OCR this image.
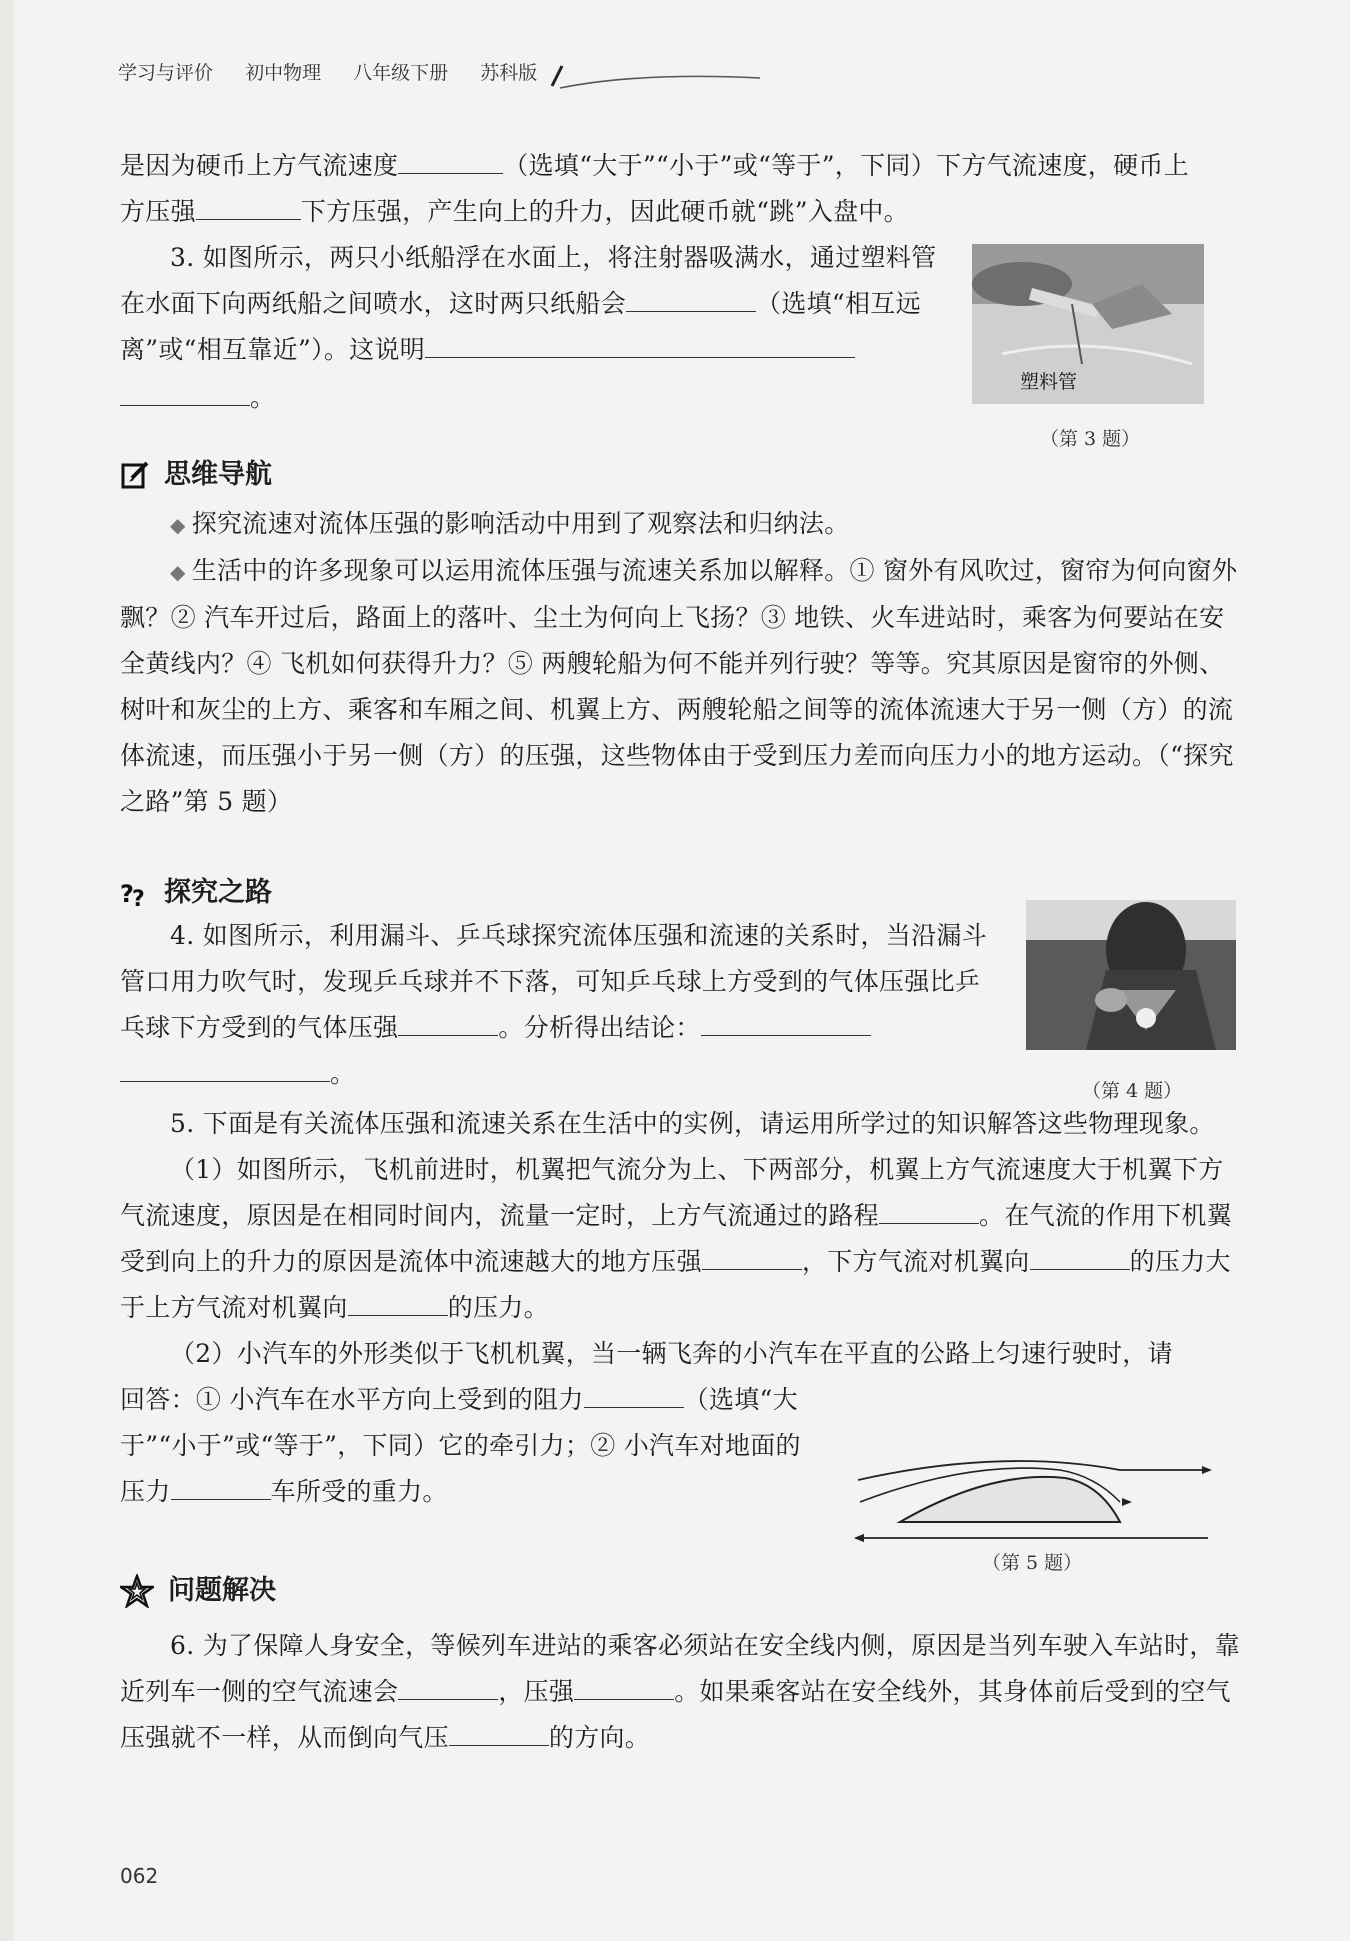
学习与评价 初中物理 八年级下册 苏科版

是因为硬币上方气流速度	（选填“大于”“小于”或“等于”，下同）下方气流速度，硬币上

方压强	下方压强，产生向上的升力，因此硬币就“跳”入盘中。

3. 如图所示，两只小纸船浮在水面上，将注射器吸满水，通过塑料管在水面下向两纸船之间喷水，这时两只纸船会	（选填“相互远离”或“相互靠近”）。这说明

。

思维导航

◆ 探究流速对流体压强的影响活动中用到了观察法和归纳法。

◆ 生活中的许多现象可以运用流体压强与流速关系加以解释。① 窗外有风吹过，窗帘为何向窗外飘？② 汽车开过后，路面上的落叶、尘土为何向上飞扬？③ 地铁、火车进站时，乘客为何要站在安全黄线内？④ 飞机如何获得升力？⑤ 两艘轮船为何不能并列行驶？等等。究其原因是窗帘的外侧、树叶和灰尘的上方、乘客和车厢之间、机翼上方、两艘轮船之间等的流体流速大于另一侧（方）的流体流速，而压强小于另一侧（方）的压强，这些物体由于受到压力差而向压力小的地方运动。（“探究之路”第 5 题）

?
? 探究之路

4. 如图所示，利用漏斗、乒乓球探究流体压强和流速的关系时，当沿漏斗管口用力吹气时，发现乒乓球并不下落，可知乒乓球上方受到的气体压强比乒乓球下方受到的气体压强	。分析得出结论：

。

5. 下面是有关流体压强和流速关系在生活中的实例，请运用所学过的知识解答这些物理现象。

（1）如图所示，飞机前进时，机翼把气流分为上、下两部分，机翼上方气流速度大于机翼下方气流速度，原因是在相同时间内，流量一定时，上方气流通过的路程	。在气流的作用下机翼受到向上的升力的原因是流体中流速越大的地方压强	，下方气流对机翼向	的压力大于上方气流对机翼向	的压力。

（2）小汽车的外形类似于飞机机翼，当一辆飞奔的小汽车在平直的公路上匀速行驶时，请

回答：① 小汽车在水平方向上受到的阻力	（选填“大于”“小于”或“等于”，下同）它的牵引力；② 小汽车对地面的压力	车所受的重力。

问题解决

6. 为了保障人身安全，等候列车进站的乘客必须站在安全线内侧，原因是当列车驶入车站时，靠近列车一侧的空气流速会	，压强	。如果乘客站在安全线外，其身体前后受到的空气压强就不一样，从而倒向气压	的方向。

塑料管
（第 3 题）
（第 4 题）
（第 5 题）
062
